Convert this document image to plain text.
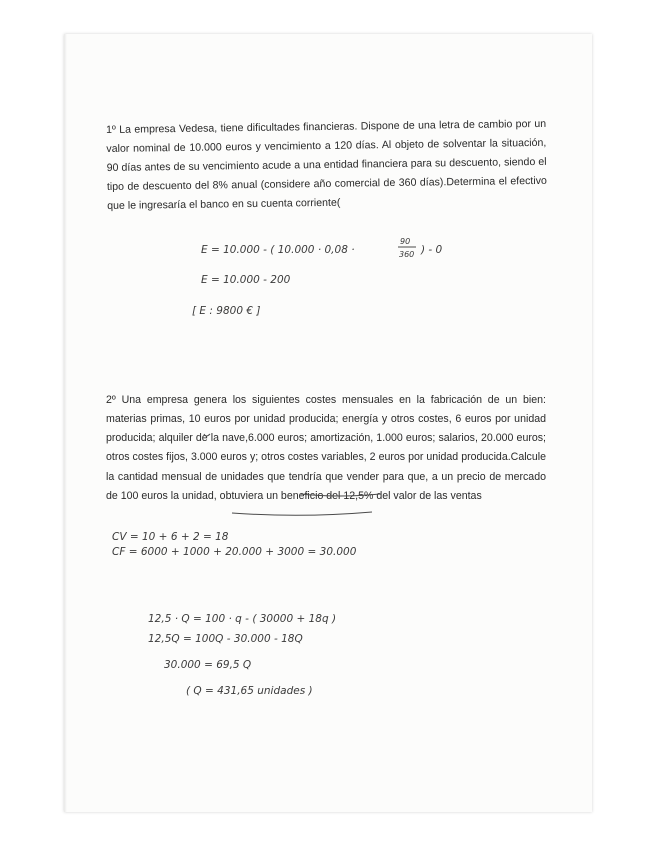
1º La empresa Vedesa, tiene dificultades financieras. Dispone de una letra de cambio por un valor nominal de 10.000 euros y vencimiento a 120 días. Al objeto de solventar la situación, 90 días antes de su vencimiento acude a una entidad financiera para su descuento, siendo el tipo de descuento del 8% anual (considere año comercial de 360 días).Determina el efectivo que le ingresaría el banco en su cuenta corriente(

E = 10.000 - ( 10.000 · 0,08 ·
90
360 ) - 0
E = 10.000 - 200
[ E : 9800 € ]

2º Una empresa genera los siguientes costes mensuales en la fabricación de un bien: materias primas, 10 euros por unidad producida; energía y otros costes, 6 euros por unidad producida; alquiler de la nave,6.000 euros; amortización, 1.000 euros; salarios, 20.000 euros; otros costes fijos, 3.000 euros y; otros costes variables, 2 euros por unidad producida.Calcule la cantidad mensual de unidades que tendría que vender para que, a un precio de mercado de 100 euros la unidad, obtuviera un beneficio del 12,5% del valor de las ventas

CV = 10 + 6 + 2 = 18
CF = 6000 + 1000 + 20.000 + 3000 = 30.000
12,5 · Q = 100 · q - ( 30000 + 18q )
12,5Q = 100Q - 30.000 - 18Q
30.000 = 69,5 Q
( Q = 431,65 unidades )
